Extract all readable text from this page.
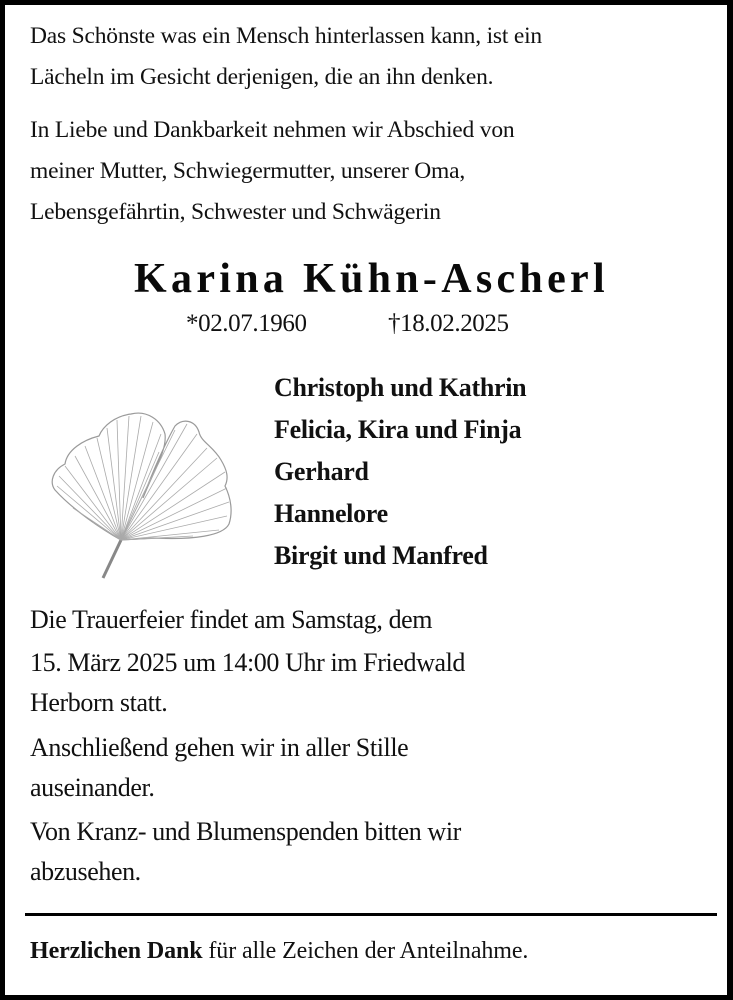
Das Schönste was ein Mensch hinterlassen kann, ist ein
Lächeln im Gesicht derjenigen, die an ihn denken.
In Liebe und Dankbarkeit nehmen wir Abschied von
meiner Mutter, Schwiegermutter, unserer Oma,
Lebensgefährtin, Schwester und Schwägerin
Karina Kühn-Ascherl
*02.07.1960	†18.02.2025
Christoph und Kathrin
Felicia, Kira und Finja
Gerhard
Hannelore
Birgit und Manfred
Die Trauerfeier findet am Samstag, dem
15. März 2025 um 14:00 Uhr im Friedwald
Herborn statt.
Anschließend gehen wir in aller Stille
auseinander.
Von Kranz- und Blumenspenden bitten wir
abzusehen.
Herzlichen Dank für alle Zeichen der Anteilnahme.
